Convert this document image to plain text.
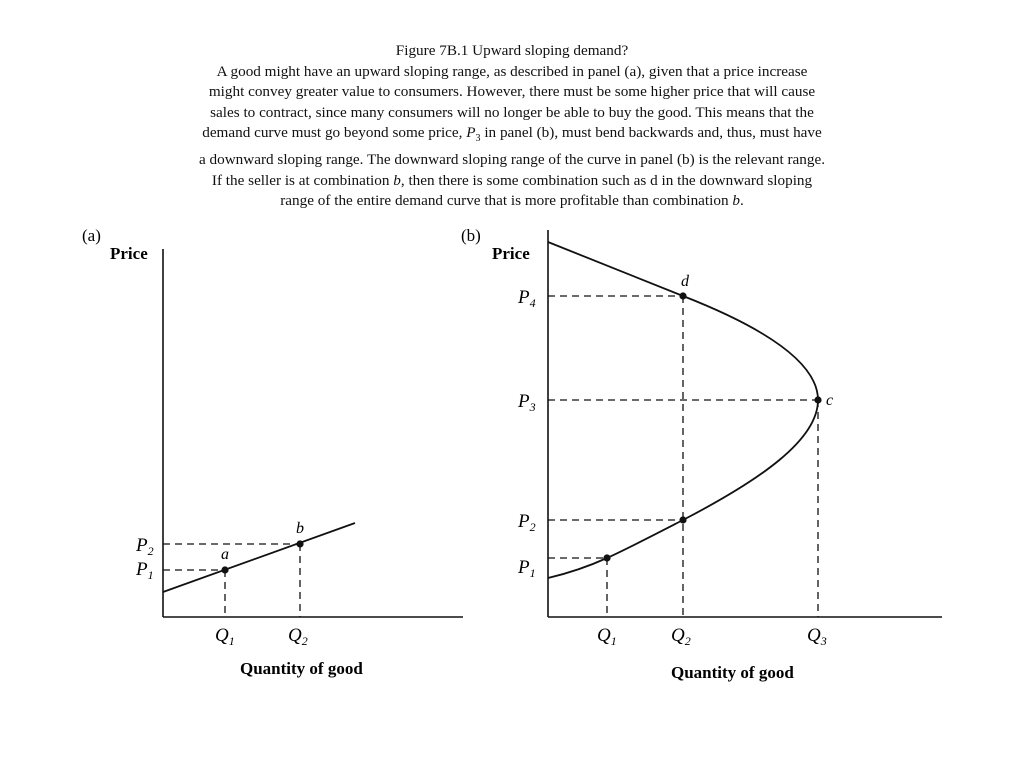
Figure 7B.1 Upward sloping demand?

A good might have an upward sloping range, as described in panel (a), given that a price increase might convey greater value to consumers. However, there must be some higher price that will cause sales to contract, since many consumers will no longer be able to buy the good. This means that the demand curve must go beyond some price, $P_3$ in panel (b), must bend backwards and, thus, must have a downward sloping range. The downward sloping range of the curve in panel (b) is the relevant range. If the seller is at combination b, then there is some combination such as d in the downward sloping range of the entire demand curve that is more profitable than combination b.

(a)
Price
a
b
$P_2$
$P_1$
$Q_1$	$Q_2$
Quantity of good
(b)
Price
d
c
$P_4$
$P_3$
$P_2$
$P_1$
$Q_1$	$Q_2$	$Q_3$
Quantity of good
